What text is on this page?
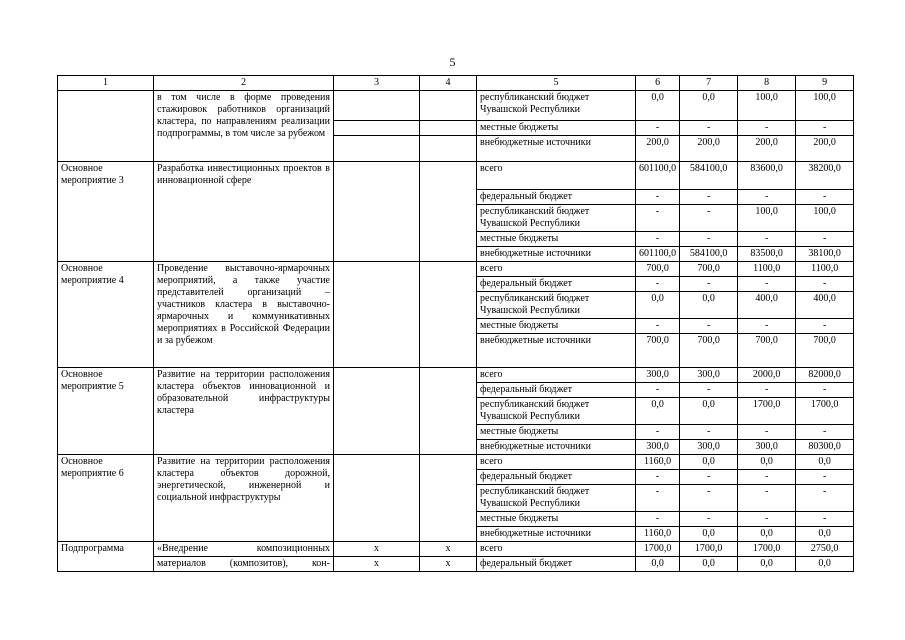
5
1	2	3	4	5	6	7	8	9
	в том числе в форме проведения стажировок работников организаций кластера, по направлениям реализации подпрограммы, в том числе за рубежом			республиканский бюджет Чувашской Республики	0,0	0,0	100,0	100,0
				местные бюджеты	-	-	-	-
				внебюджетные источники	200,0	200,0	200,0	200,0
Основное мероприятие 3	Разработка инвестиционных проектов в инновационной сфере			всего	601100,0	584100,0	83600,0	38200,0
				федеральный бюджет	-	-	-	-
				республиканский бюджет Чувашской Республики	-	-	100,0	100,0
				местные бюджеты	-	-	-	-
				внебюджетные источники	601100,0	584100,0	83500,0	38100,0
Основное мероприятие 4	Проведение выставочно-ярмарочных мероприятий, а также участие представителей организаций – участников кластера в выставочно-ярмарочных и коммуникативных мероприятиях в Российской Федерации и за рубежом			всего	700,0	700,0	1100,0	1100,0
				федеральный бюджет	-	-	-	-
				республиканский бюджет Чувашской Республики	0,0	0,0	400,0	400,0
				местные бюджеты	-	-	-	-
				внебюджетные источники	700,0	700,0	700,0	700,0
Основное мероприятие 5	Развитие на территории расположения кластера объектов инновационной и образовательной инфраструктуры кластера			всего	300,0	300,0	2000,0	82000,0
				федеральный бюджет	-	-	-	-
				республиканский бюджет Чувашской Республики	0,0	0,0	1700,0	1700,0
				местные бюджеты	-	-	-	-
				внебюджетные источники	300,0	300,0	300,0	80300,0
Основное мероприятие 6	Развитие на территории расположения кластера объектов дорожной, энергетической, инженерной и социальной инфраструктуры			всего	1160,0	0,0	0,0	0,0
				федеральный бюджет	-	-	-	-
				республиканский бюджет Чувашской Республики	-	-	-	-
				местные бюджеты	-	-	-	-
				внебюджетные источники	1160,0	0,0	0,0	0,0
Подпрограмма	«Внедрение композиционных	x	x	всего	1700,0	1700,0	1700,0	2750,0
	материалов (композитов), кон-	x	x	федеральный бюджет	0,0	0,0	0,0	0,0
